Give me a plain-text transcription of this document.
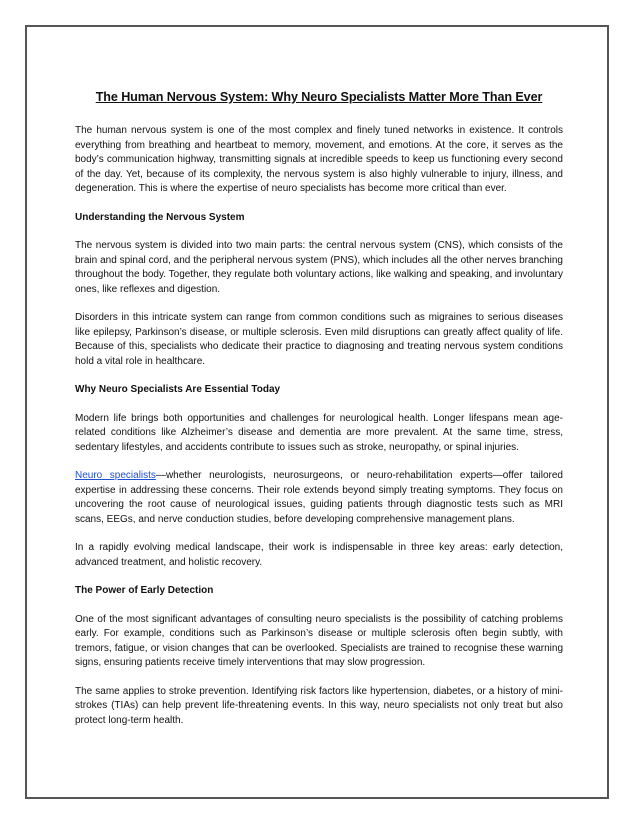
The Human Nervous System: Why Neuro Specialists Matter More Than Ever

The human nervous system is one of the most complex and finely tuned networks in existence. It controls everything from breathing and heartbeat to memory, movement, and emotions. At the core, it serves as the body’s communication highway, transmitting signals at incredible speeds to keep us functioning every second of the day. Yet, because of its complexity, the nervous system is also highly vulnerable to injury, illness, and degeneration. This is where the expertise of neuro specialists has become more critical than ever.

Understanding the Nervous System

The nervous system is divided into two main parts: the central nervous system (CNS), which consists of the brain and spinal cord, and the peripheral nervous system (PNS), which includes all the other nerves branching throughout the body. Together, they regulate both voluntary actions, like walking and speaking, and involuntary ones, like reflexes and digestion.

Disorders in this intricate system can range from common conditions such as migraines to serious diseases like epilepsy, Parkinson’s disease, or multiple sclerosis. Even mild disruptions can greatly affect quality of life. Because of this, specialists who dedicate their practice to diagnosing and treating nervous system conditions hold a vital role in healthcare.

Why Neuro Specialists Are Essential Today

Modern life brings both opportunities and challenges for neurological health. Longer lifespans mean age-related conditions like Alzheimer’s disease and dementia are more prevalent. At the same time, stress, sedentary lifestyles, and accidents contribute to issues such as stroke, neuropathy, or spinal injuries.

Neuro specialists—whether neurologists, neurosurgeons, or neuro-rehabilitation experts—offer tailored expertise in addressing these concerns. Their role extends beyond simply treating symptoms. They focus on uncovering the root cause of neurological issues, guiding patients through diagnostic tests such as MRI scans, EEGs, and nerve conduction studies, before developing comprehensive management plans.

In a rapidly evolving medical landscape, their work is indispensable in three key areas: early detection, advanced treatment, and holistic recovery.

The Power of Early Detection

One of the most significant advantages of consulting neuro specialists is the possibility of catching problems early. For example, conditions such as Parkinson’s disease or multiple sclerosis often begin subtly, with tremors, fatigue, or vision changes that can be overlooked. Specialists are trained to recognise these warning signs, ensuring patients receive timely interventions that may slow progression.

The same applies to stroke prevention. Identifying risk factors like hypertension, diabetes, or a history of mini-strokes (TIAs) can help prevent life-threatening events. In this way, neuro specialists not only treat but also protect long-term health.
